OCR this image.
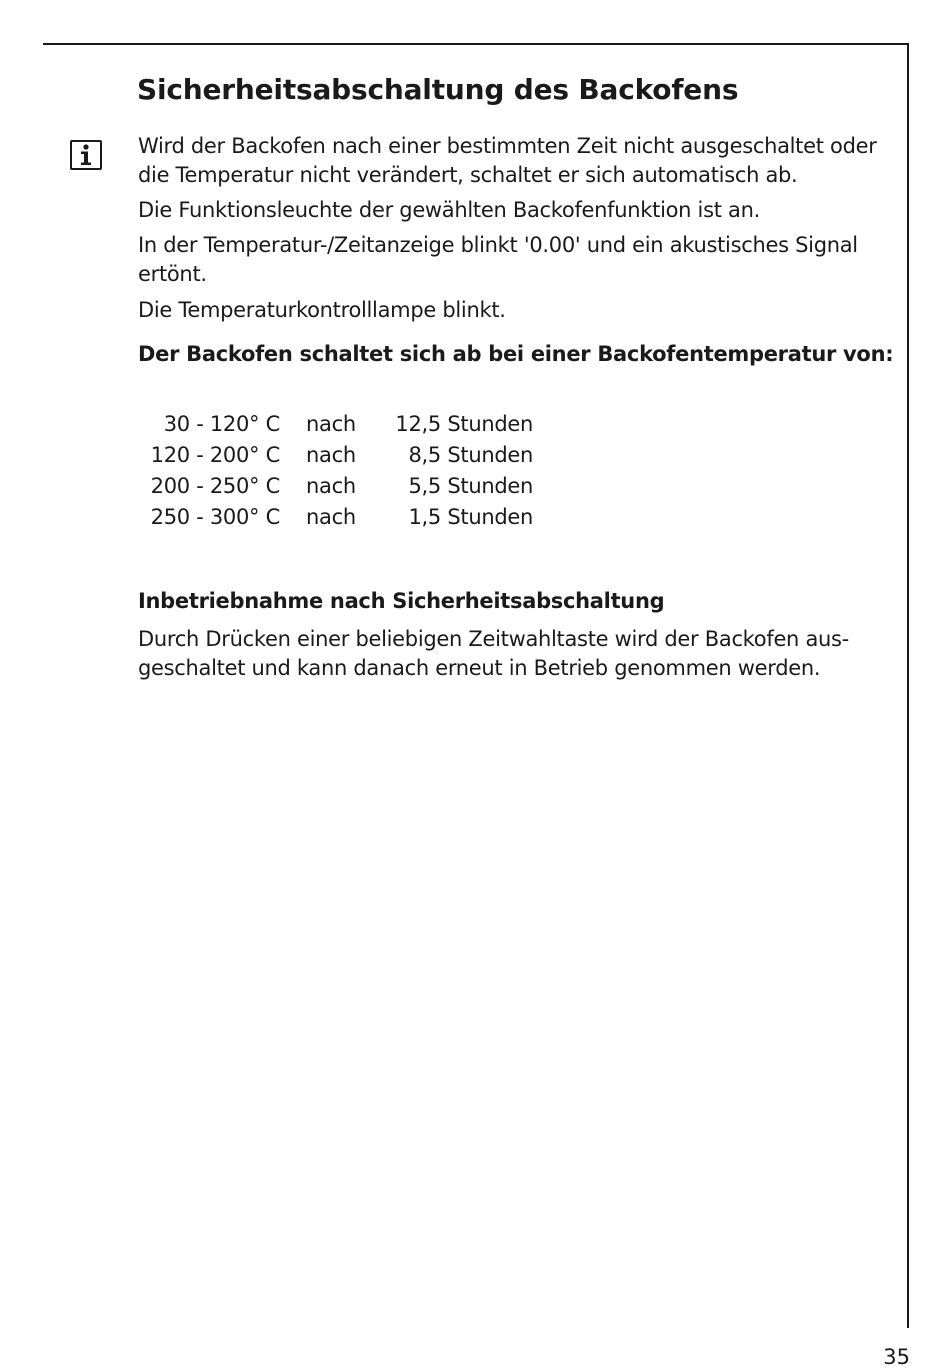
Sicherheitsabschaltung des Backofens

Wird der Backofen nach einer bestimmten Zeit nicht ausgeschaltet oder die Temperatur nicht verändert, schaltet er sich automatisch ab.

Die Funktionsleuchte der gewählten Backofenfunktion ist an.

In der Temperatur-/Zeitanzeige blinkt '0.00' und ein akustisches Signal ertönt.

Die Temperaturkontrolllampe blinkt.

Der Backofen schaltet sich ab bei einer Backofentemperatur von:

30 - 120° C nach	12,5 Stunden
120 - 200° C nach	8,5 Stunden
200 - 250° C nach	5,5 Stunden
250 - 300° C nach	1,5 Stunden

Inbetriebnahme nach Sicherheitsabschaltung

Durch Drücken einer beliebigen Zeitwahltaste wird der Backofen aus-

geschaltet und kann danach erneut in Betrieb genommen werden.

35
